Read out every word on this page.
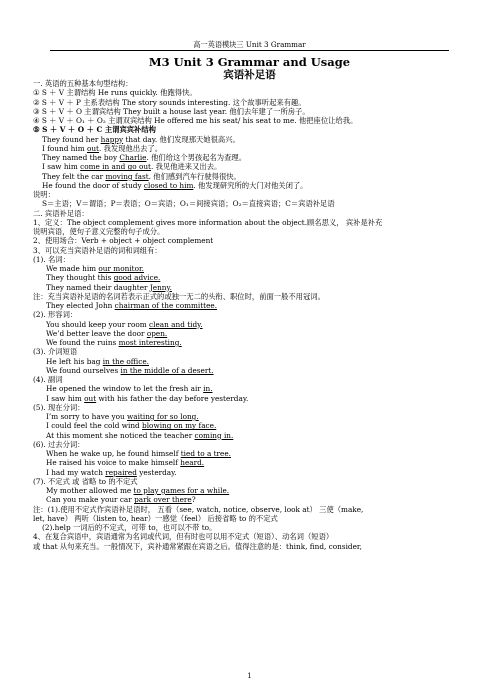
高一英语模块三 Unit 3 Grammar
M3 Unit 3 Grammar and Usage
宾语补足语
一. 英语的五种基本句型结构：
① S ＋ V 主谓结构 He runs quickly. 他跑得快。
② S ＋ V ＋ P 主系表结构 The story sounds interesting. 这个故事听起来有趣。
③ S ＋ V ＋ O 主谓宾结构 They built a house last year. 他们去年建了一所房子。
④ S ＋ V ＋ O₁ ＋ O₂ 主谓双宾结构 He offered me his seat/ his seat to me. 他把座位让给我。
⑤ S ＋ V ＋ O ＋ C 主谓宾宾补结构
They found her happy that day. 他们发现那天她很高兴。
I found him out. 我发现他出去了。
They named the boy Charlie. 他们给这个男孩起名为查理。
I saw him come in and go out. 我见他进来又出去。
They felt the car moving fast. 他们感到汽车行驶得很快。
He found the door of study closed to him. 他发现研究所的大门对他关闭了。
说明：
S＝主语；V＝谓语；P＝表语；O＝宾语；O₁＝间接宾语；O₂＝直接宾语；C＝宾语补足语
二. 宾语补足语：
1、定义：The object complement gives more information about the object.顾名思义， 宾补是补充
说明宾语，使句子意义完整的句子成分。
2、使用场合：Verb + object + object complement
3、可以充当宾语补足语的词和词组有：
(1). 名词：
We made him our monitor.
They thought this good advice.
They named their daughter Jenny.
注：充当宾语补足语的名词若表示正式的或独一无二的头衔、职位时，前面一般不用冠词。
They elected John chairman of the committee.
(2). 形容词：
You should keep your room clean and tidy.
We’d better leave the door open.
We found the ruins most interesting.
(3). 介词短语
He left his bag in the office.
We found ourselves in the middle of a desert.
(4). 副词
He opened the window to let the fresh air in.
I saw him out with his father the day before yesterday.
(5). 现在分词：
I’m sorry to have you waiting for so long.
I could feel the cold wind blowing on my face.
At this moment she noticed the teacher coming in.
(6). 过去分词：
When he wake up, he found himself tied to a tree.
He raised his voice to make himself heard.
I had my watch repaired yesterday.
(7). 不定式 或 省略 to 的不定式
My mother allowed me to play games for a while.
Can you make your car park over there?
注：(1).使用不定式作宾语补足语时， 五看（see, watch, notice, observe, look at） 三使（make,
let, have） 两听（listen to, hear）一感觉（feel） 后接省略 to 的不定式
(2).help 一词后的不定式，可带 to，也可以不带 to。
4、在复合宾语中，宾语通常为名词或代词，但有时也可以用不定式（短语）、动名词（短语）
或 that 从句来充当。一般情况下，宾补通常紧跟在宾语之后。值得注意的是：think, find, consider,
1
